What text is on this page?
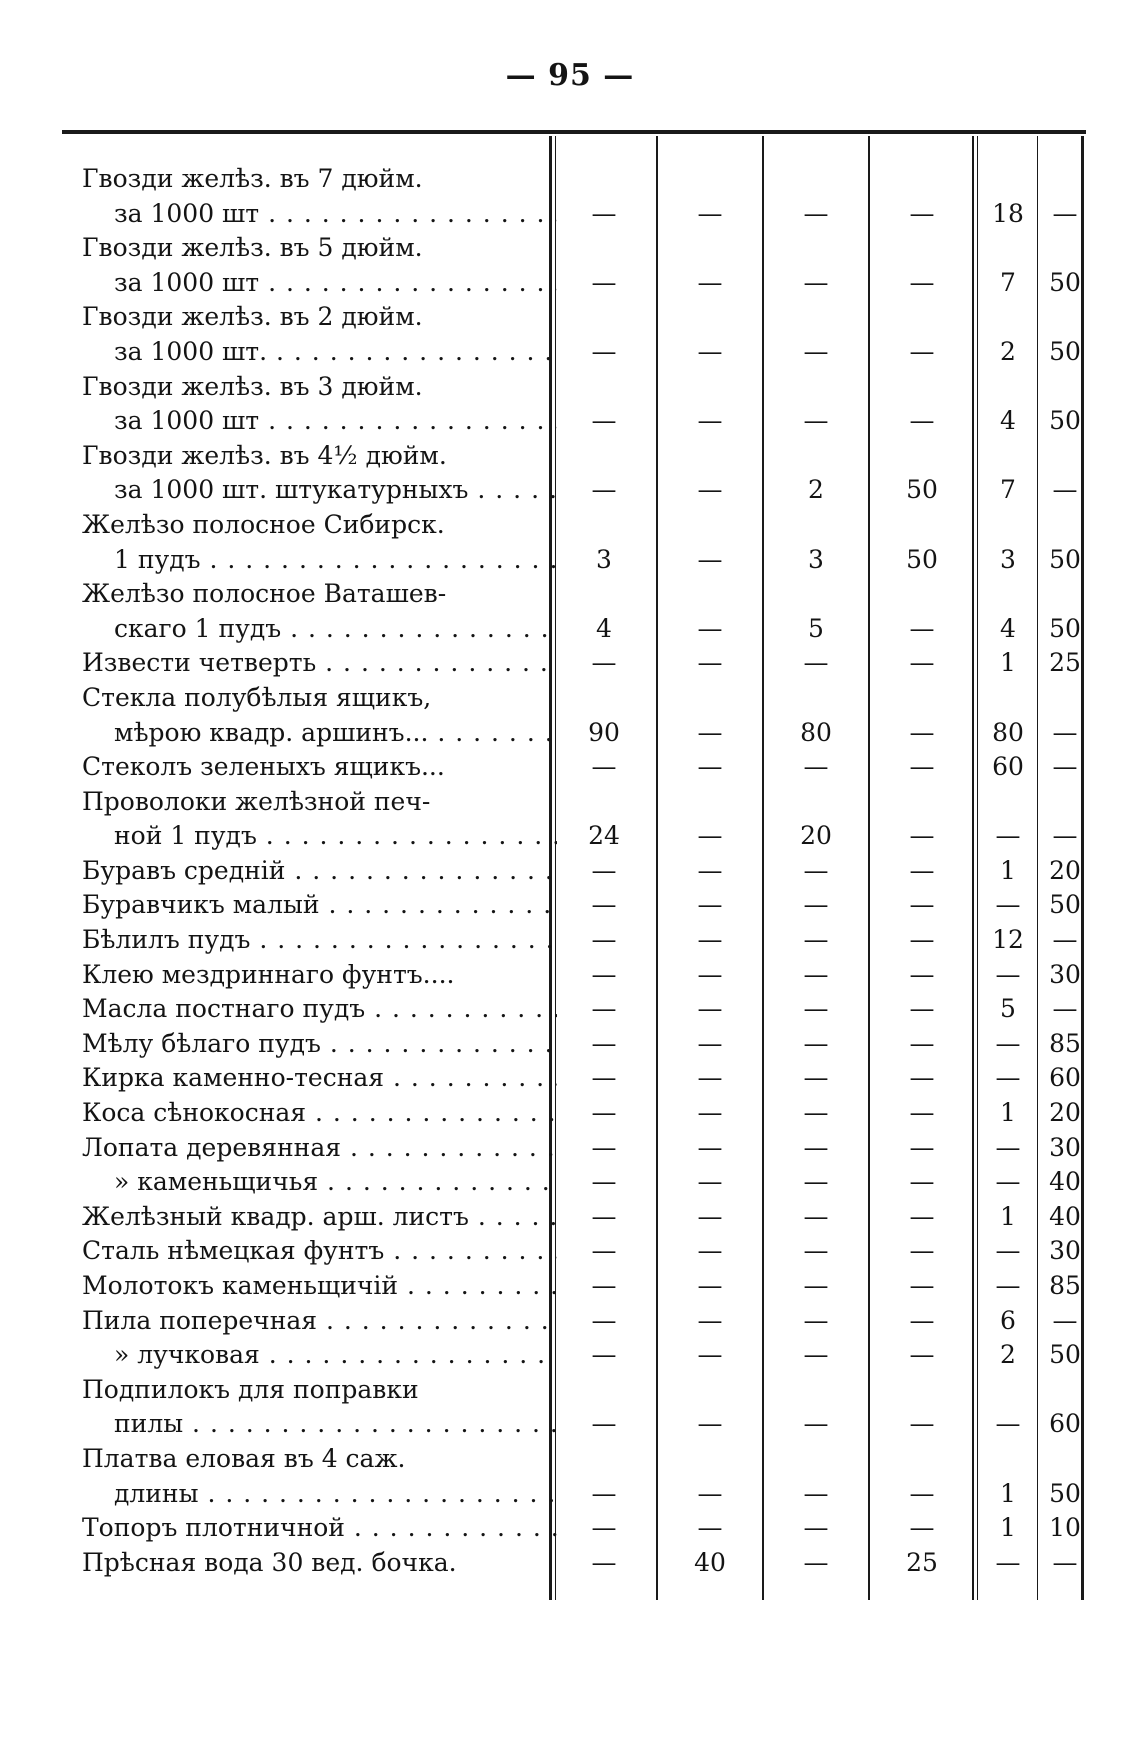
— 95 —
Гвозди желѣз. въ 7 дюйм.
за 1000 шт . . .	—	—	—	—	18	—
Гвозди желѣз. въ 5 дюйм.
за 1000 шт . . .	—	—	—	—	7	50
Гвозди желѣз. въ 2 дюйм.
за 1000 шт. . . .	—	—	—	—	2	50
Гвозди желѣз. въ 3 дюйм.
за 1000 шт . . .	—	—	—	—	4	50
Гвозди желѣз. въ 4½ дюйм.
за 1000 шт. штукатурныхъ . . .	—	—	2	50	7	—
Желѣзо полосное Сибирск.
1 пудъ . . .	3	—	3	50	3	50
Желѣзо полосное Ваташев-
скаго 1 пудъ . . .	4	—	5	—	4	50
Извести четверть . . .	—	—	—	—	1	25
Стекла полубѣлыя ящикъ,
мѣрою квадр. аршинъ... . . .	90	—	80	—	80	—
Стеколъ зеленыхъ ящикъ...	—	—	—	—	60	—
Проволоки желѣзной печ-
ной 1 пудъ . . .	24	—	20	—	—	—
Буравъ средній . . .	—	—	—	—	1	20
Буравчикъ малый . . .	—	—	—	—	—	50
Бѣлилъ пудъ . . .	—	—	—	—	12	—
Клею мездриннаго фунтъ....	—	—	—	—	—	30
Масла постнаго пудъ . . .	—	—	—	—	5	—
Мѣлу бѣлаго пудъ . . .	—	—	—	—	—	85
Кирка каменно-тесная . . .	—	—	—	—	—	60
Коса сѣнокосная . . .	—	—	—	—	1	20
Лопата деревянная . . .	—	—	—	—	—	30
» каменьщичья . . .	—	—	—	—	—	40
Желѣзный квадр. арш. листъ . . .	—	—	—	—	1	40
Сталь нѣмецкая фунтъ . . .	—	—	—	—	—	30
Молотокъ каменьщичій . . .	—	—	—	—	—	85
Пила поперечная . . .	—	—	—	—	6	—
» лучковая . . .	—	—	—	—	2	50
Подпилокъ для поправки
пилы . . .	—	—	—	—	—	60
Платва еловая въ 4 саж.
длины . . .	—	—	—	—	1	50
Топоръ плотничной . . .	—	—	—	—	1	10
Прѣсная вода 30 вед. бочка.	—	40	—	25	—	—
